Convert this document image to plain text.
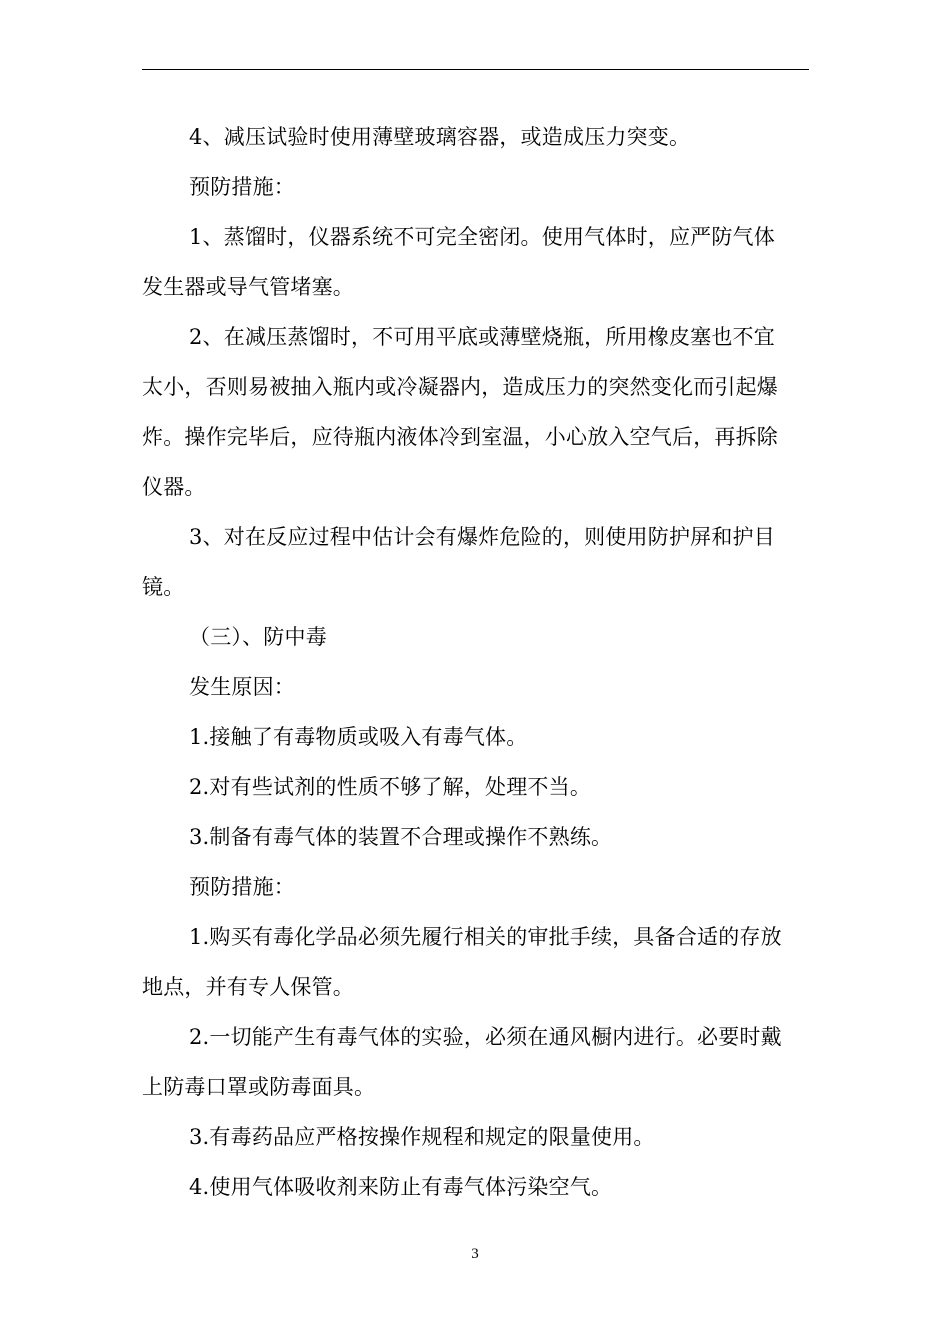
4、减压试验时使用薄壁玻璃容器，或造成压力突变。
预防措施：
1、蒸馏时，仪器系统不可完全密闭。使用气体时，应严防气体
发生器或导气管堵塞。
2、在减压蒸馏时，不可用平底或薄壁烧瓶，所用橡皮塞也不宜
太小，否则易被抽入瓶内或冷凝器内，造成压力的突然变化而引起爆
炸。操作完毕后，应待瓶内液体冷到室温，小心放入空气后，再拆除
仪器。
3、对在反应过程中估计会有爆炸危险的，则使用防护屏和护目
镜。
（三）、防中毒
发生原因：
1.接触了有毒物质或吸入有毒气体。
2.对有些试剂的性质不够了解，处理不当。
3.制备有毒气体的装置不合理或操作不熟练。
预防措施：
1.购买有毒化学品必须先履行相关的审批手续，具备合适的存放
地点，并有专人保管。
2.一切能产生有毒气体的实验，必须在通风橱内进行。必要时戴
上防毒口罩或防毒面具。
3.有毒药品应严格按操作规程和规定的限量使用。
4.使用气体吸收剂来防止有毒气体污染空气。
3
